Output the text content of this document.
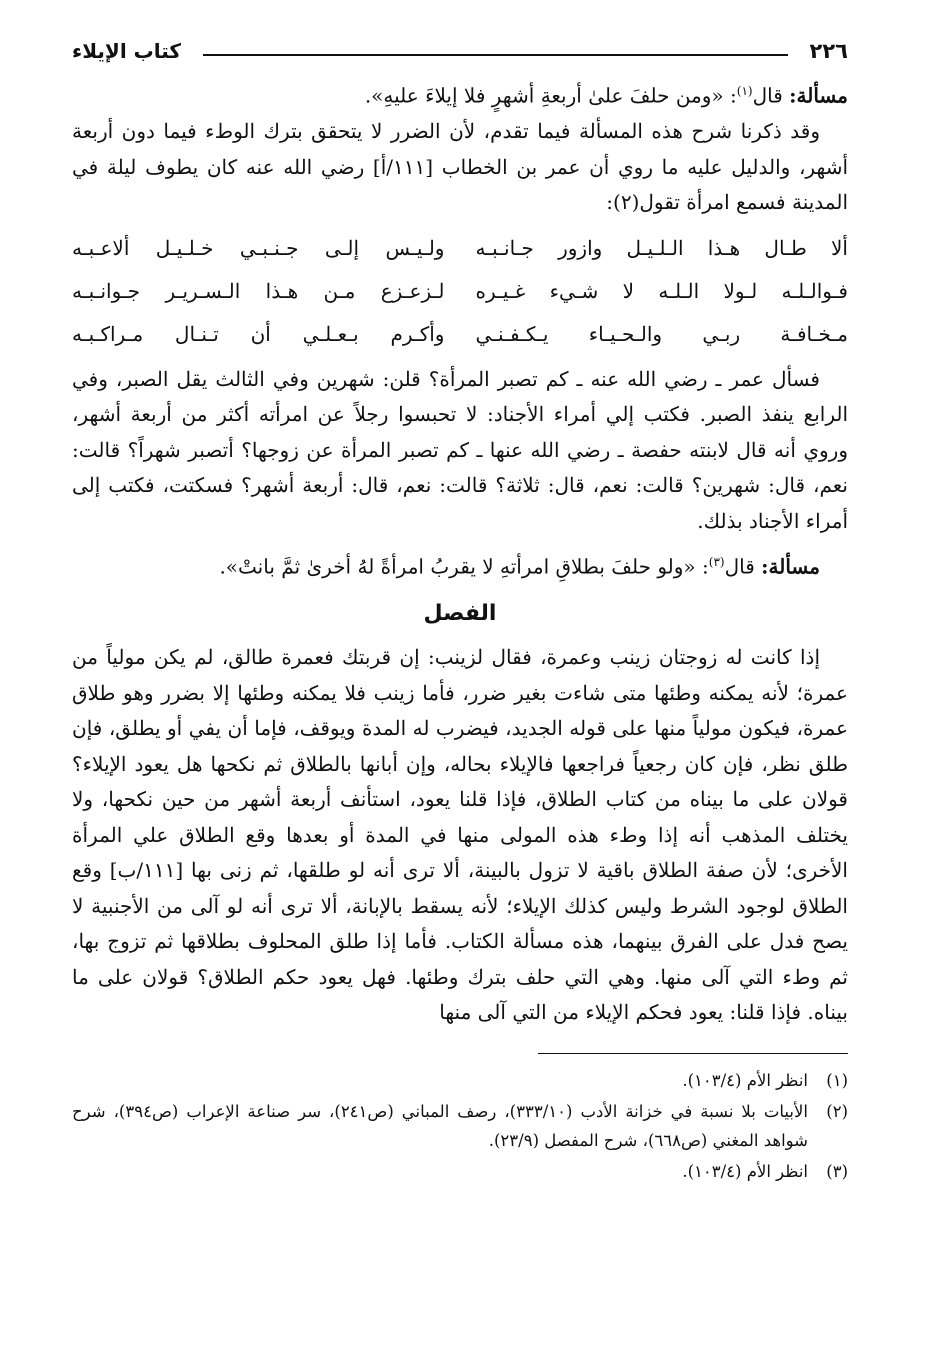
٢٢٦
كتاب الإيلاء

مسألة: قال$^{(١)}$: «ومن حلفَ علىٰ أربعةِ أشهرٍ فلا إيلاءَ عليهِ».

وقد ذكرنا شرح هذه المسألة فيما تقدم، لأن الضرر لا يتحقق بترك الوطء فيما دون أربعة أشهر، والدليل عليه ما روي أن عمر بن الخطاب [١١١/أ] رضي الله عنه كان يطوف ليلة في المدينة فسمع امرأة تقول(٢):

ألا طـال هـذا الـلـيـل وازور جـانـبـه
ولـيـس إلـى جـنـبـي خـلـيـل ألاعـبـه
فـوالـلـه لـولا الـلـه لا شـيء غـيـره
لـزعـزع مـن هـذا الـسـريـر جـوانـبـه
مـخـافـة ربـي والـحـيـاء يـكـفـنـي
وأكـرم بـعـلـي أن تـنـال مـراكـبـه

فسأل عمر ـ رضي الله عنه ـ كم تصبر المرأة؟ قلن: شهرين وفي الثالث يقل الصبر، وفي الرابع ينفذ الصبر. فكتب إلي أمراء الأجناد: لا تحبسوا رجلاً عن امرأته أكثر من أربعة أشهر، وروي أنه قال لابنته حفصة ـ رضي الله عنها ـ كم تصبر المرأة عن زوجها؟ أتصبر شهراً؟ قالت: نعم، قال: شهرين؟ قالت: نعم، قال: ثلاثة؟ قالت: نعم، قال: أربعة أشهر؟ فسكتت، فكتب إلى أمراء الأجناد بذلك.

مسألة: قال$^{(٣)}$: «ولو حلفَ بطلاقِ امرأتهِ لا يقربُ امرأةً لهُ أخرىٰ ثمَّ بانتْ».

الفصل

إذا كانت له زوجتان زينب وعمرة، فقال لزينب: إن قربتك فعمرة طالق، لم يكن مولياً من عمرة؛ لأنه يمكنه وطئها متى شاءت بغير ضرر، فأما زينب فلا يمكنه وطئها إلا بضرر وهو طلاق عمرة، فيكون مولياً منها على قوله الجديد، فيضرب له المدة ويوقف، فإما أن يفي أو يطلق، فإن طلق نظر، فإن كان رجعياً فراجعها فالإيلاء بحاله، وإن أبانها بالطلاق ثم نكحها هل يعود الإيلاء؟ قولان على ما بيناه من كتاب الطلاق، فإذا قلنا يعود، استأنف أربعة أشهر من حين نكحها، ولا يختلف المذهب أنه إذا وطء هذه المولى منها في المدة أو بعدها وقع الطلاق علي المرأة الأخرى؛ لأن صفة الطلاق باقية لا تزول بالبينة، ألا ترى أنه لو طلقها، ثم زنى بها [١١١/ب] وقع الطلاق لوجود الشرط وليس كذلك الإيلاء؛ لأنه يسقط بالإبانة، ألا ترى أنه لو آلى من الأجنبية لا يصح فدل على الفرق بينهما، هذه مسألة الكتاب. فأما إذا طلق المحلوف بطلاقها ثم تزوج بها، ثم وطء التي آلى منها. وهي التي حلف بترك وطئها. فهل يعود حكم الطلاق؟ قولان على ما بيناه. فإذا قلنا: يعود فحكم الإيلاء من التي آلى منها

(١)
انظر الأم (١٠٣/٤).
(٢)
الأبيات بلا نسبة في خزانة الأدب (٣٣٣/١٠)، رصف المباني (ص٢٤١)، سر صناعة الإعراب (ص٣٩٤)، شرح شواهد المغني (ص٦٦٨)، شرح المفصل (٢٣/٩).
(٣)
انظر الأم (١٠٣/٤).
